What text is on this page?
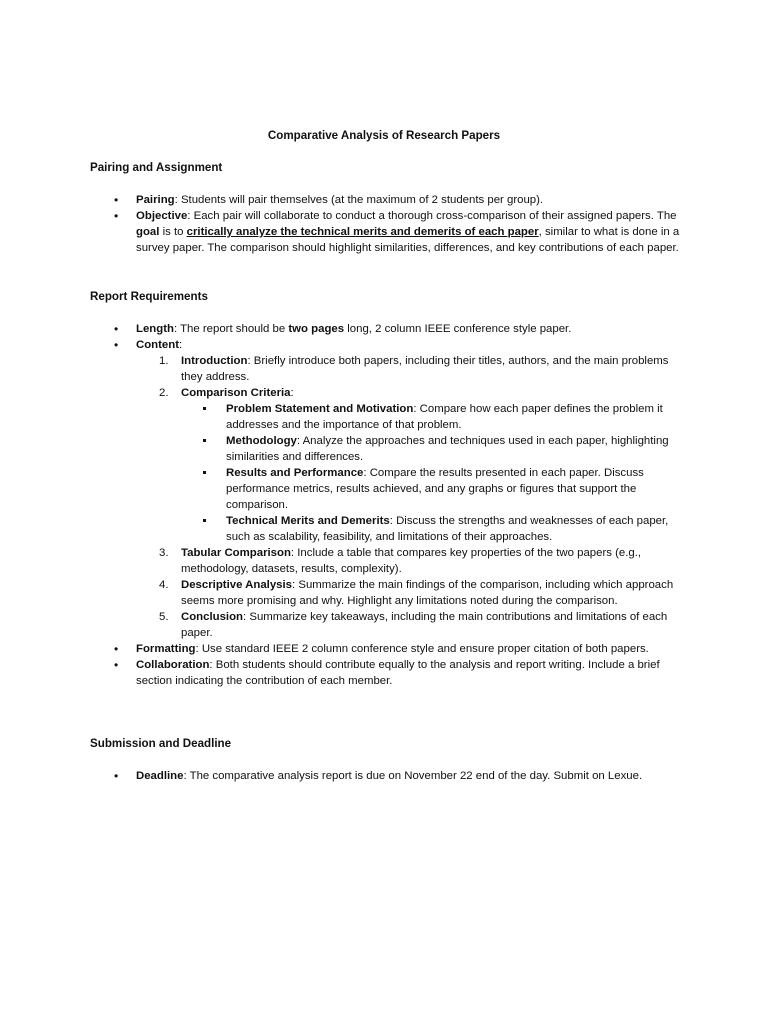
Comparative Analysis of Research Papers
Pairing and Assignment
• Pairing: Students will pair themselves (at the maximum of 2 students per group).
• Objective: Each pair will collaborate to conduct a thorough cross-comparison of their assigned papers. The goal is to critically analyze the technical merits and demerits of each paper, similar to what is done in a survey paper. The comparison should highlight similarities, differences, and key contributions of each paper.
Report Requirements
• Length: The report should be two pages long, 2 column IEEE conference style paper.
• Content:
1. Introduction: Briefly introduce both papers, including their titles, authors, and the main problems they address.
2. Comparison Criteria:
Problem Statement and Motivation: Compare how each paper defines the problem it addresses and the importance of that problem.
Methodology: Analyze the approaches and techniques used in each paper, highlighting similarities and differences.
Results and Performance: Compare the results presented in each paper. Discuss performance metrics, results achieved, and any graphs or figures that support the comparison.
Technical Merits and Demerits: Discuss the strengths and weaknesses of each paper, such as scalability, feasibility, and limitations of their approaches.
3. Tabular Comparison: Include a table that compares key properties of the two papers (e.g., methodology, datasets, results, complexity).
4. Descriptive Analysis: Summarize the main findings of the comparison, including which approach seems more promising and why. Highlight any limitations noted during the comparison.
5. Conclusion: Summarize key takeaways, including the main contributions and limitations of each paper.
• Formatting: Use standard IEEE 2 column conference style and ensure proper citation of both papers.
• Collaboration: Both students should contribute equally to the analysis and report writing. Include a brief section indicating the contribution of each member.
Submission and Deadline
• Deadline: The comparative analysis report is due on November 22 end of the day. Submit on Lexue.
